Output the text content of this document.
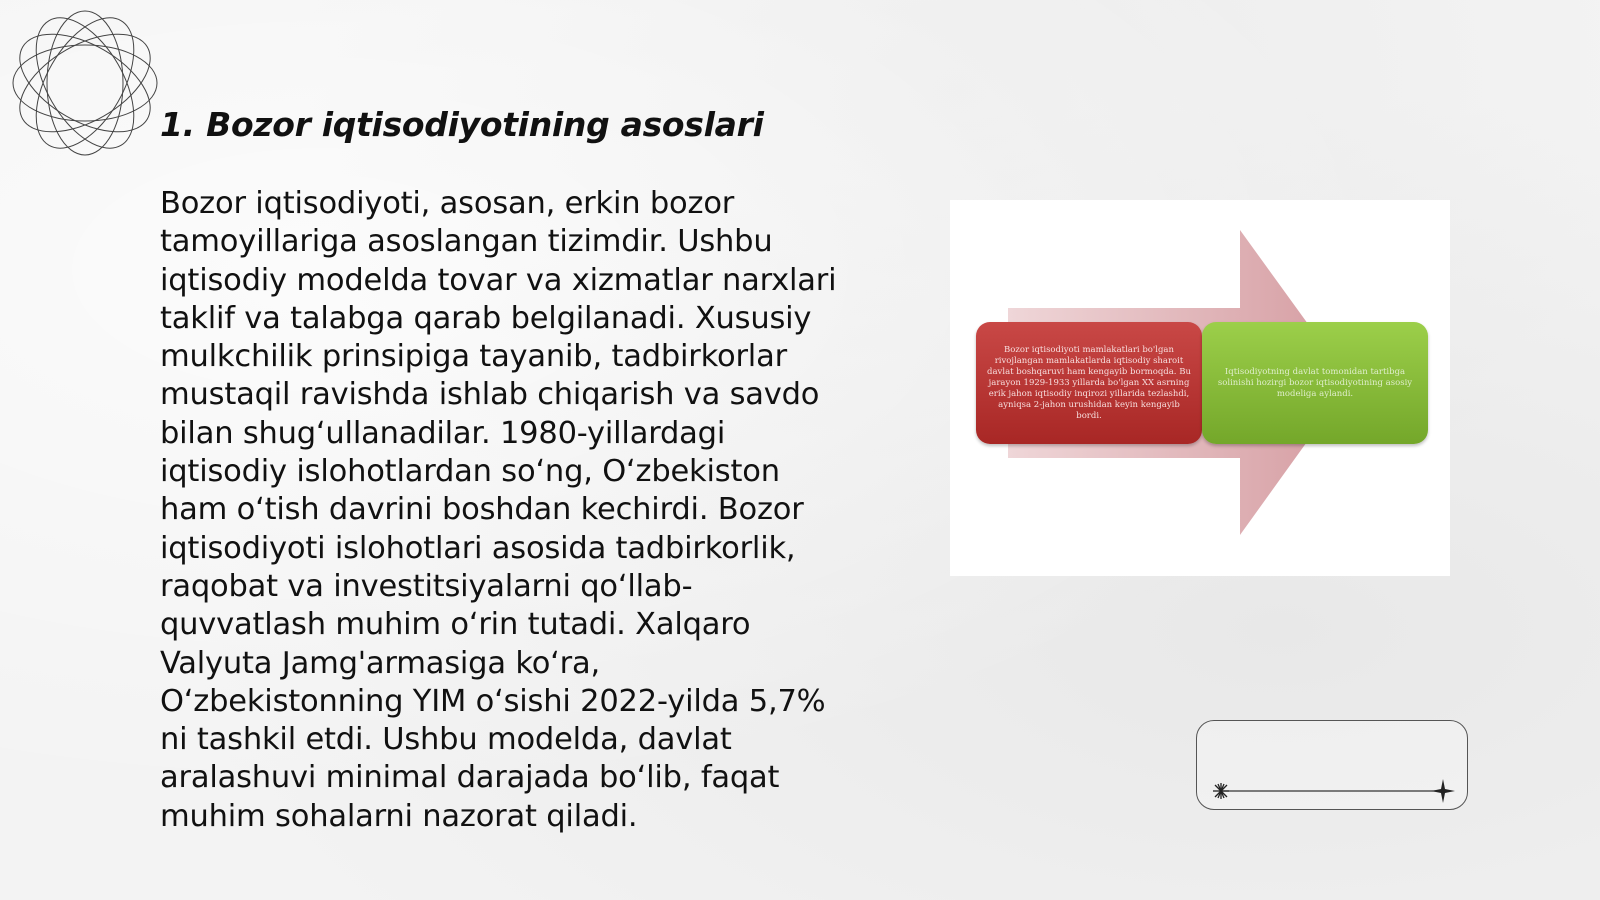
1. Bozor iqtisodiyotining asoslari

Bozor iqtisodiyoti, asosan, erkin bozor tamoyillariga asoslangan tizimdir. Ushbu iqtisodiy modelda tovar va xizmatlar narxlari taklif va talabga qarab belgilanadi. Xususiy mulkchilik prinsipiga tayanib, tadbirkorlar mustaqil ravishda ishlab chiqarish va savdo bilan shug‘ullanadilar. 1980-yillardagi iqtisodiy islohotlardan so‘ng, O‘zbekiston ham o‘tish davrini boshdan kechirdi. Bozor iqtisodiyoti islohotlari asosida tadbirkorlik, raqobat va investitsiyalarni qo‘llab-quvvatlash muhim o‘rin tutadi. Xalqaro Valyuta Jamg'armasiga ko‘ra, O‘zbekistonning YIM o‘sishi 2022-yilda 5,7% ni tashkil etdi. Ushbu modelda, davlat aralashuvi minimal darajada bo‘lib, faqat muhim sohalarni nazorat qiladi.

Bozor iqtisodiyoti mamlakatlari bo'lgan rivojlangan mamlakatlarda iqtisodiy sharoit davlat boshqaruvi ham kengayib bormoqda. Bu jarayon 1929-1933 yillarda bo'lgan XX asrning erik jahon iqtisodiy inqirozi yillarida tezlashdi, ayniqsa 2-jahon urushidan keyin kengayib bordi.
Iqtisodiyotning davlat tomonidan tartibga solinishi hozirgi bozor iqtisodiyotining asosiy modeliga aylandi.
